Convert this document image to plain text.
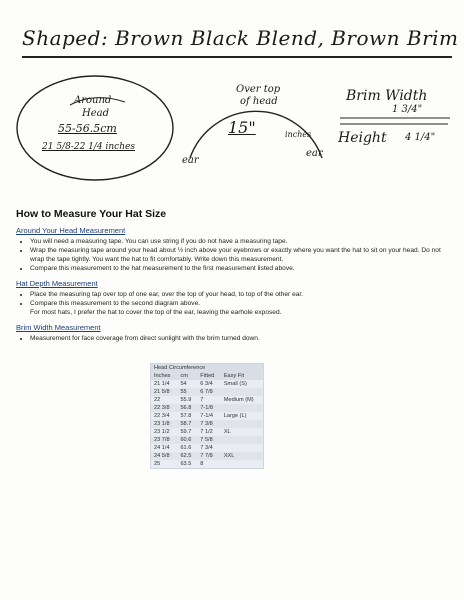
Shaped: Brown Black Blend, Brown Brim
Around
Head
55-56.5cm
21 5/8-22 1/4 inches
Over top
of head
15"	inches
ear
ear
Brim Width
1 3/4"
Height 4 1/4"
How to Measure Your Hat Size

Around Your Head Measurement

• You will need a measuring tape. You can use string if you do not have a measuring tape.
• Wrap the measuring tape around your head about ½ inch above your eyebrows or exactly where you want the hat to sit on your head. Do not wrap the tape tightly. You want the hat to fit comfortably. Write down this measurement.
• Compare this measurement to the hat measurement to the first measurement listed above.

Hat Depth Measurement

• Place the measuring tap over top of one ear, over the top of your head, to top of the other ear.
• Compare this measurement to the second diagram above.
For most hats, I prefer the hat to cover the top of the ear, leaving the earhole exposed.

Brim Width Measurement

• Measurement for face coverage from direct sunlight with the brim turned down.
Head Circumference			
Inches	cm	Fitted	Easy Fit
21 1/4	54	6 3/4	Small (S)
21 5/8	55	6 7/8	
22	55.9	7	Medium (M)
22 3/8	56.8	7-1/8	
22 3/4	57.8	7-1/4	Large (L)
23 1/8	58.7	7 3/8	
23 1/2	59.7	7 1/2	XL
23 7/8	60.6	7 5/8	
24 1/4	61.6	7 3/4	
24 5/8	62.5	7 7/8	XXL
25	63.5	8	
